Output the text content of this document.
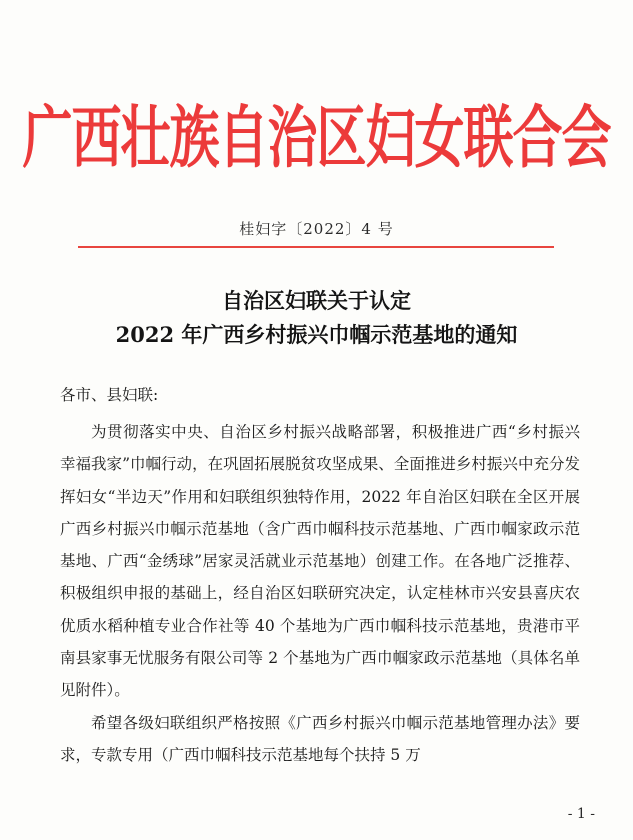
广西壮族自治区妇女联合会
桂妇字〔2022〕4 号
自治区妇联关于认定
2022 年广西乡村振兴巾帼示范基地的通知
各市、县妇联:

为贯彻落实中央、自治区乡村振兴战略部署，积极推进广西“乡村振兴 幸福我家”巾帼行动，在巩固拓展脱贫攻坚成果、全面推进乡村振兴中充分发挥妇女“半边天”作用和妇联组织独特作用，2022 年自治区妇联在全区开展广西乡村振兴巾帼示范基地（含广西巾帼科技示范基地、广西巾帼家政示范基地、广西“金绣球”居家灵活就业示范基地）创建工作。在各地广泛推荐、积极组织申报的基础上，经自治区妇联研究决定，认定桂林市兴安县喜庆农优质水稻种植专业合作社等 40 个基地为广西巾帼科技示范基地，贵港市平南县家事无忧服务有限公司等 2 个基地为广西巾帼家政示范基地（具体名单见附件）。

希望各级妇联组织严格按照《广西乡村振兴巾帼示范基地管理办法》要求，专款专用（广西巾帼科技示范基地每个扶持 5 万

- 1 -
